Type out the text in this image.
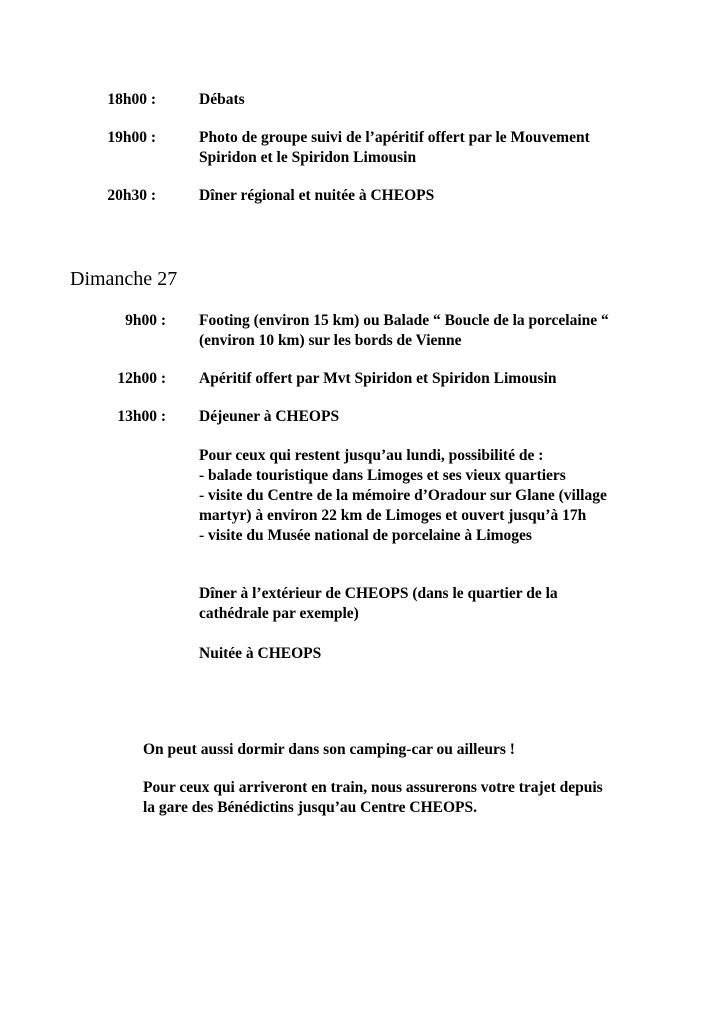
18h00 :	Débats
19h00 :	Photo de groupe suivi de l’apéritif offert par le Mouvement
Spiridon et le Spiridon Limousin
20h30 :	Dîner régional et nuitée à CHEOPS
Dimanche 27
9h00 : Footing (environ 15 km) ou Balade “ Boucle de la porcelaine “
(environ 10 km) sur les bords de Vienne
12h00 : Apéritif offert par Mvt Spiridon et Spiridon Limousin
13h00 : Déjeuner à CHEOPS
Pour ceux qui restent jusqu’au lundi, possibilité de :
- balade touristique dans Limoges et ses vieux quartiers
- visite du Centre de la mémoire d’Oradour sur Glane (village
martyr) à environ 22 km de Limoges et ouvert jusqu’à 17h
- visite du Musée national de porcelaine à Limoges
Dîner à l’extérieur de CHEOPS (dans le quartier de la
cathédrale par exemple)
Nuitée à CHEOPS
On peut aussi dormir dans son camping-car ou ailleurs !
Pour ceux qui arriveront en train, nous assurerons votre trajet depuis
la gare des Bénédictins jusqu’au Centre CHEOPS.
